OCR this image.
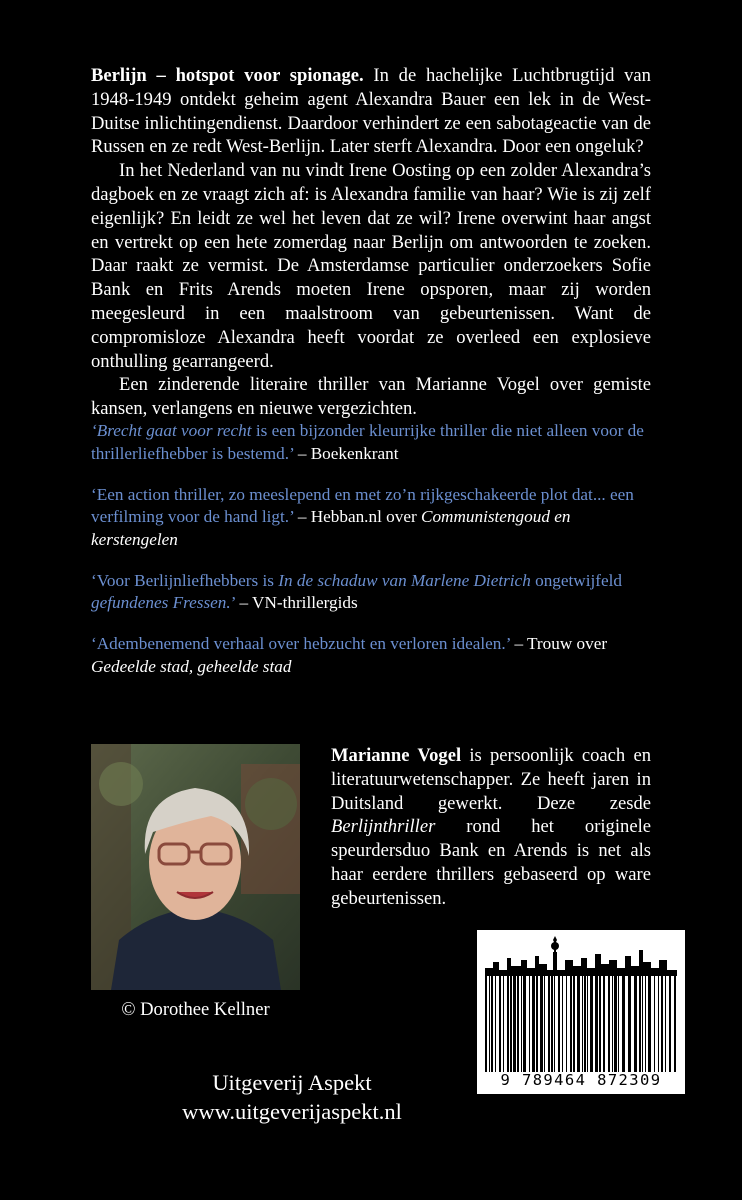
Berlijn – hotspot voor spionage. In de hachelijke Luchtbrugtijd van 1948-1949 ontdekt geheim agent Alexandra Bauer een lek in de West-Duitse inlichtingendienst. Daardoor verhindert ze een sabotageactie van de Russen en ze redt West-Berlijn. Later sterft Alexandra. Door een ongeluk?

In het Nederland van nu vindt Irene Oosting op een zolder Alexandra’s dagboek en ze vraagt zich af: is Alexandra familie van haar? Wie is zij zelf eigenlijk? En leidt ze wel het leven dat ze wil? Irene overwint haar angst en vertrekt op een hete zomerdag naar Berlijn om antwoorden te zoeken. Daar raakt ze vermist. De Amsterdamse particulier onderzoekers Sofie Bank en Frits Arends moeten Irene opsporen, maar zij worden meegesleurd in een maalstroom van gebeurtenissen. Want de compromisloze Alexandra heeft voordat ze overleed een explosieve onthulling gearrangeerd.

Een zinderende literaire thriller van Marianne Vogel over gemiste kansen, verlangens en nieuwe vergezichten.

‘Brecht gaat voor recht is een bijzonder kleurrijke thriller die niet alleen voor de thrillerliefhebber is bestemd.’ – Boekenkrant

‘Een action thriller, zo meeslepend en met zo’n rijkgeschakeerde plot dat... een verfilming voor de hand ligt.’ – Hebban.nl over Communistengoud en kerstengelen

‘Voor Berlijnliefhebbers is In de schaduw van Marlene Dietrich ongetwijfeld gefundenes Fressen.’ – VN-thrillergids

‘Adembenemend verhaal over hebzucht en verloren idealen.’ – Trouw over Gedeelde stad, geheelde stad

© Dorothee Kellner
Marianne Vogel is persoonlijk coach en literatuurwetenschapper. Ze heeft jaren in Duitsland gewerkt. Deze zesde Berlijnthriller rond het originele speurdersduo Bank en Arends is net als haar eerdere thrillers gebaseerd op ware gebeurtenissen.
Uitgeverij Aspekt
www.uitgeverijaspekt.nl
9 789464 872309
